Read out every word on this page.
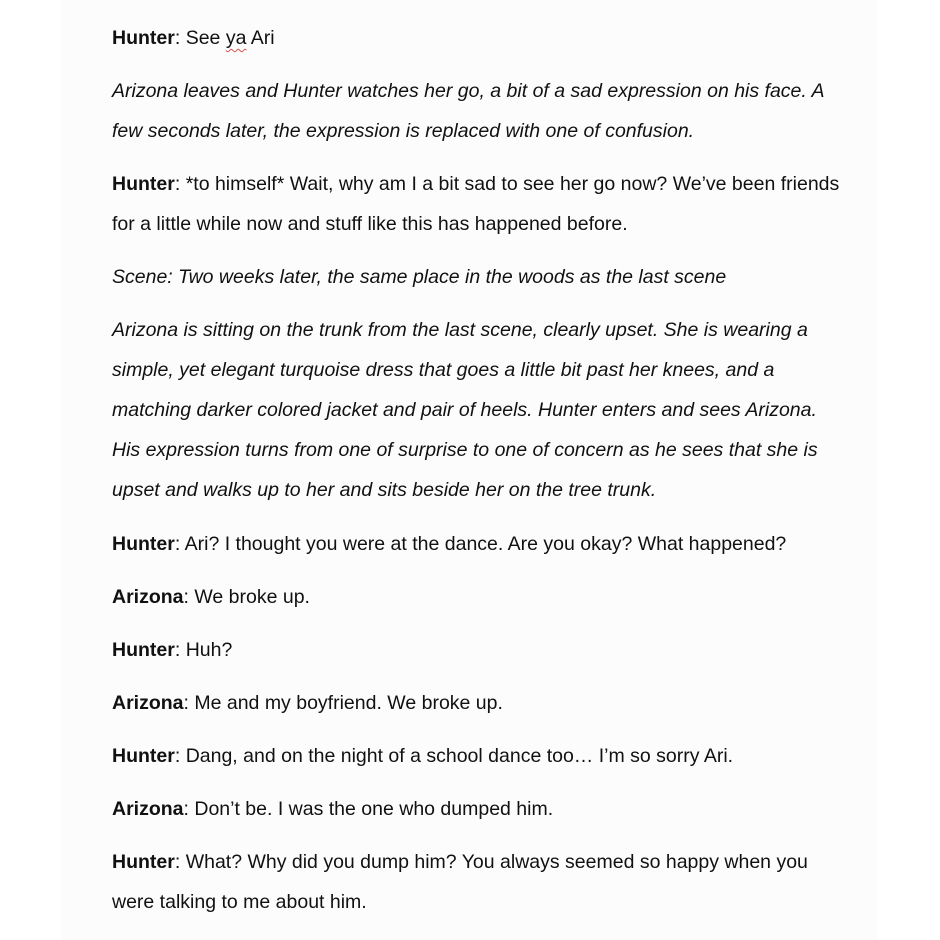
Hunter: See ya Ari

Arizona leaves and Hunter watches her go, a bit of a sad expression on his face. A few seconds later, the expression is replaced with one of confusion.

Hunter: *to himself* Wait, why am I a bit sad to see her go now? We’ve been friends for a little while now and stuff like this has happened before.

Scene: Two weeks later, the same place in the woods as the last scene

Arizona is sitting on the trunk from the last scene, clearly upset. She is wearing a simple, yet elegant turquoise dress that goes a little bit past her knees, and a matching darker colored jacket and pair of heels. Hunter enters and sees Arizona. His expression turns from one of surprise to one of concern as he sees that she is upset and walks up to her and sits beside her on the tree trunk.

Hunter: Ari? I thought you were at the dance. Are you okay? What happened?

Arizona: We broke up.

Hunter: Huh?

Arizona: Me and my boyfriend. We broke up.

Hunter: Dang, and on the night of a school dance too… I’m so sorry Ari.

Arizona: Don’t be. I was the one who dumped him.

Hunter: What? Why did you dump him? You always seemed so happy when you were talking to me about him.
